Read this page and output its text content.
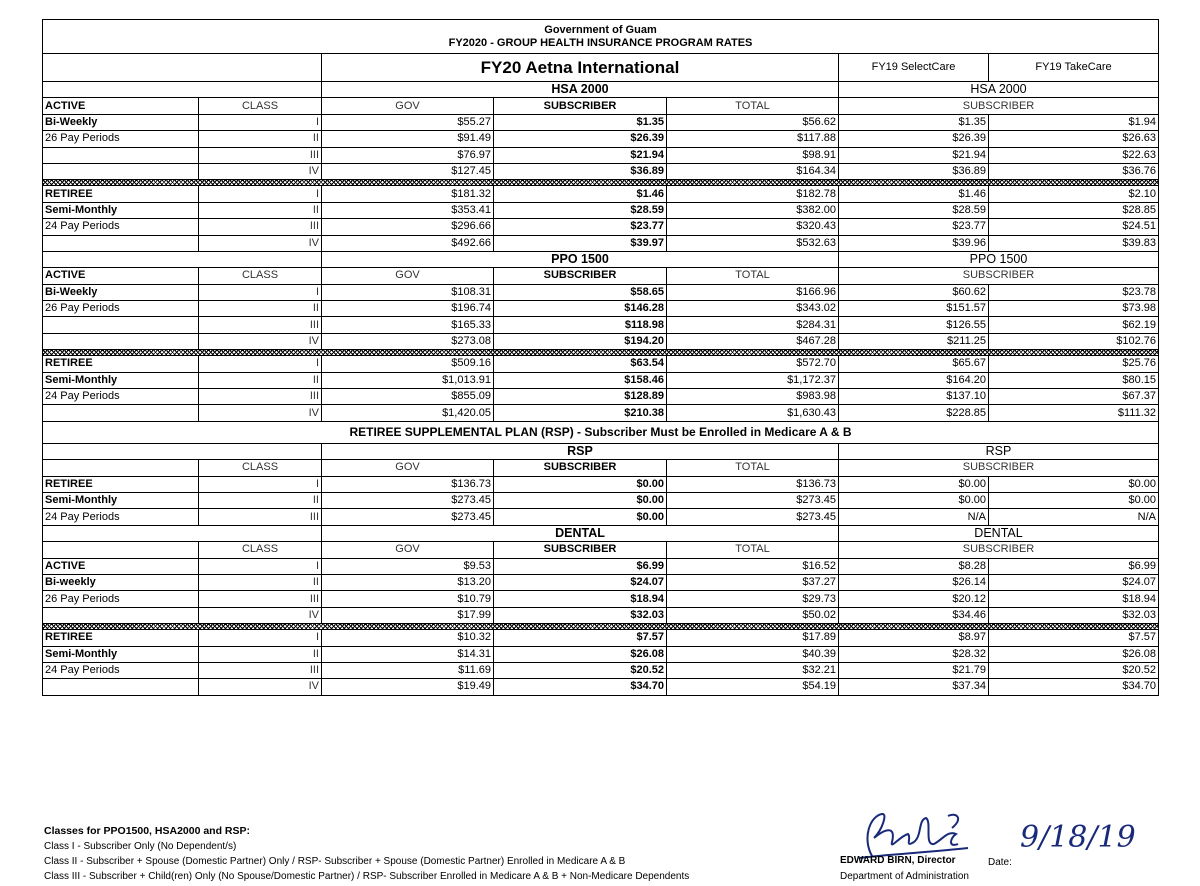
Government of Guam
FY2020 - GROUP HEALTH INSURANCE PROGRAM RATES						

		FY20 Aetna International			FY19 SelectCare	FY19 TakeCare
		HSA 2000			HSA 2000	
ACTIVE	CLASS	GOV	SUBSCRIBER	TOTAL	SUBSCRIBER	
Bi-Weekly	I	$55.27	$1.35	$56.62	$1.35	$1.94
26 Pay Periods	II	$91.49	$26.39	$117.88	$26.39	$26.63
	III	$76.97	$21.94	$98.91	$21.94	$22.63
	IV	$127.45	$36.89	$164.34	$36.89	$36.76

RETIREE	I	$181.32	$1.46	$182.78	$1.46	$2.10
Semi-Monthly	II	$353.41	$28.59	$382.00	$28.59	$28.85
24 Pay Periods	III	$296.66	$23.77	$320.43	$23.77	$24.51
	IV	$492.66	$39.97	$532.63	$39.96	$39.83
		PPO 1500			PPO 1500	
ACTIVE	CLASS	GOV	SUBSCRIBER	TOTAL	SUBSCRIBER	
Bi-Weekly	I	$108.31	$58.65	$166.96	$60.62	$23.78
26 Pay Periods	II	$196.74	$146.28	$343.02	$151.57	$73.98
	III	$165.33	$118.98	$284.31	$126.55	$62.19
	IV	$273.08	$194.20	$467.28	$211.25	$102.76

RETIREE	I	$509.16	$63.54	$572.70	$65.67	$25.76
Semi-Monthly	II	$1,013.91	$158.46	$1,172.37	$164.20	$80.15
24 Pay Periods	III	$855.09	$128.89	$983.98	$137.10	$67.37
	IV	$1,420.05	$210.38	$1,630.43	$228.85	$111.32
RETIREE SUPPLEMENTAL PLAN (RSP) - Subscriber Must be Enrolled in Medicare A & B						
		RSP			RSP	
	CLASS	GOV	SUBSCRIBER	TOTAL	SUBSCRIBER	
RETIREE	I	$136.73	$0.00	$136.73	$0.00	$0.00
Semi-Monthly	II	$273.45	$0.00	$273.45	$0.00	$0.00
24 Pay Periods	III	$273.45	$0.00	$273.45	N/A	N/A
		DENTAL			DENTAL	
	CLASS	GOV	SUBSCRIBER	TOTAL	SUBSCRIBER	
ACTIVE	I	$9.53	$6.99	$16.52	$8.28	$6.99
Bi-weekly	II	$13.20	$24.07	$37.27	$26.14	$24.07
26 Pay Periods	III	$10.79	$18.94	$29.73	$20.12	$18.94
	IV	$17.99	$32.03	$50.02	$34.46	$32.03

RETIREE	I	$10.32	$7.57	$17.89	$8.97	$7.57
Semi-Monthly	II	$14.31	$26.08	$40.39	$28.32	$26.08
24 Pay Periods	III	$11.69	$20.52	$32.21	$21.79	$20.52
	IV	$19.49	$34.70	$54.19	$37.34	$34.70
Classes for PPO1500, HSA2000 and RSP:
Class I - Subscriber Only (No Dependent/s)
Class II - Subscriber + Spouse (Domestic Partner) Only / RSP- Subscriber + Spouse (Domestic Partner) Enrolled in Medicare A & B
Class III - Subscriber + Child(ren) Only (No Spouse/Domestic Partner) / RSP- Subscriber Enrolled in Medicare A & B + Non-Medicare Dependents
9/18/19
EDWARD BIRN, Director	Date:
Department of Administration
